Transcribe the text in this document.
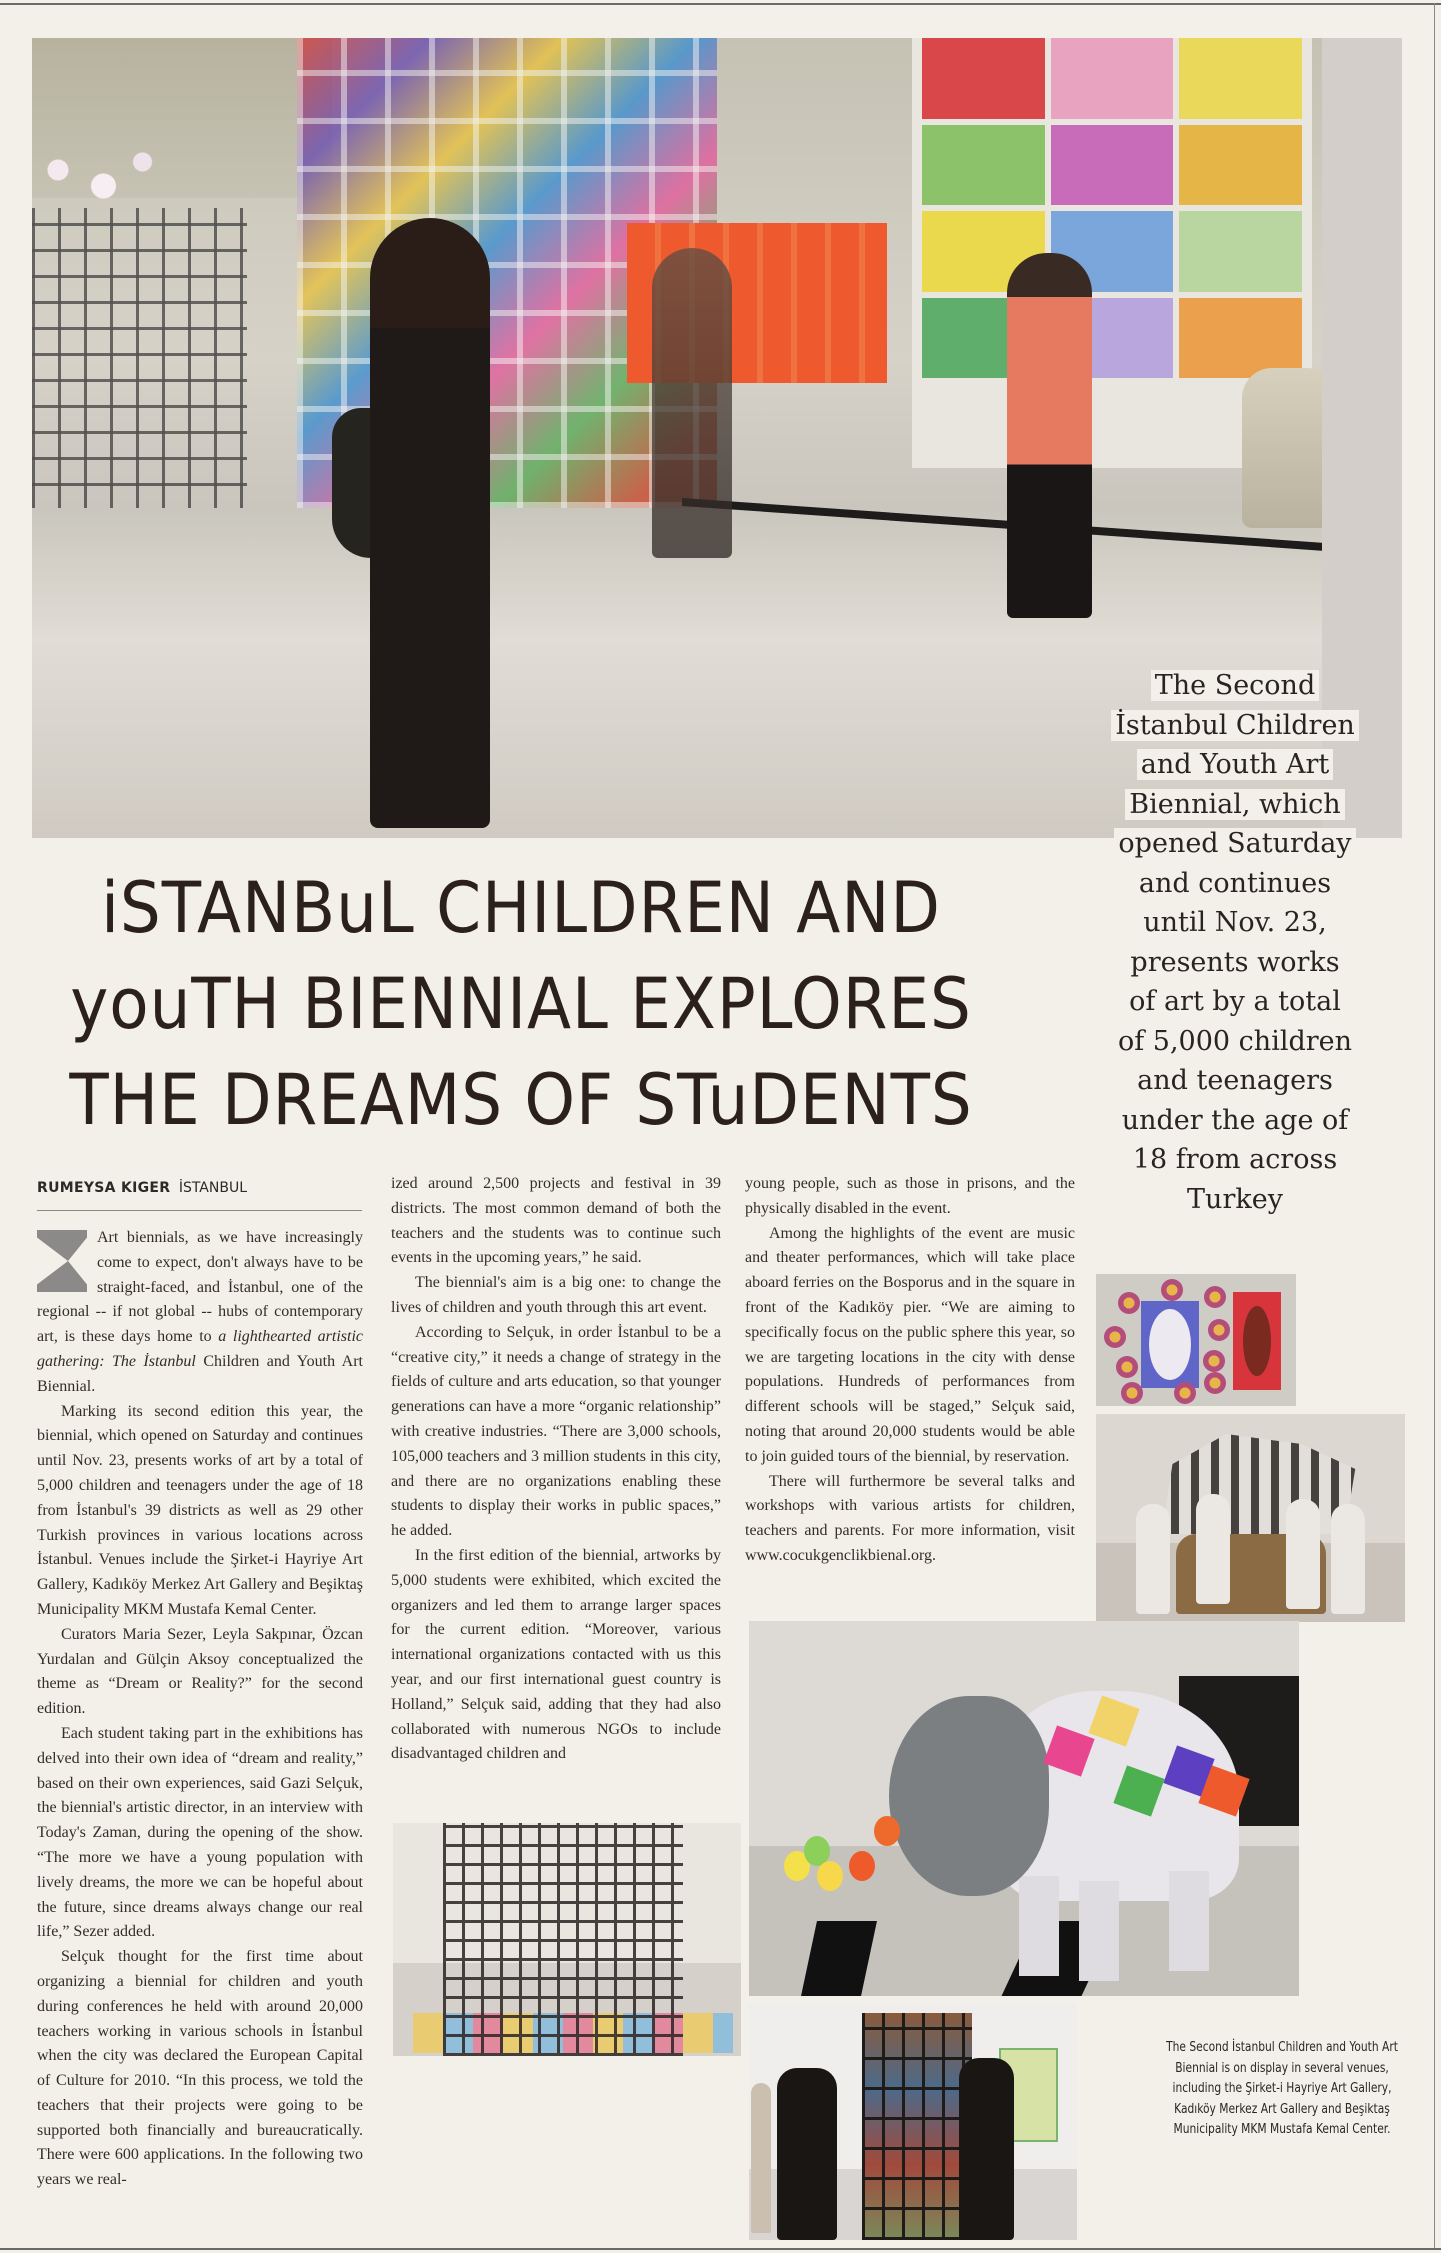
The Second
İstanbul Children
and Youth Art
Biennial, which
opened Saturday
and continues
until Nov. 23,
presents works
of art by a total
of 5,000 children
and teenagers
under the age of
18 from across
Turkey
iSTANBuL CHILDREN AND
youTH BIENNIAL EXPLORES
THE DREAMS OF STuDENTS
RUMEYSA KIGER İSTANBUL

Art biennials, as we have increasingly come to expect, don't always have to be straight-faced, and İstanbul, one of the regional -- if not global -- hubs of contemporary art, is these days home to a lighthearted artistic gathering: The İstanbul Children and Youth Art Biennial.

Marking its second edition this year, the biennial, which opened on Saturday and continues until Nov. 23, presents works of art by a total of 5,000 children and teenagers under the age of 18 from İstanbul's 39 districts as well as 29 other Turkish provinces in various locations across İstanbul. Venues include the Şirket-i Hayriye Art Gallery, Kadıköy Merkez Art Gallery and Beşiktaş Municipality MKM Mustafa Kemal Center.

Curators Maria Sezer, Leyla Sakpınar, Özcan Yurdalan and Gülçin Aksoy conceptualized the theme as “Dream or Reality?” for the second edition.

Each student taking part in the exhibitions has delved into their own idea of “dream and reality,” based on their own experiences, said Gazi Selçuk, the biennial's artistic director, in an interview with Today's Zaman, during the opening of the show. “The more we have a young population with lively dreams, the more we can be hopeful about the future, since dreams always change our real life,” Sezer added.

Selçuk thought for the first time about organizing a biennial for children and youth during conferences he held with around 20,000 teachers working in various schools in İstanbul when the city was declared the European Capital of Culture for 2010. “In this process, we told the teachers that their projects were going to be supported both financially and bureaucratically. There were 600 applications. In the following two years we real-

ized around 2,500 projects and festival in 39 districts. The most common demand of both the teachers and the students was to continue such events in the upcoming years,” he said.

The biennial's aim is a big one: to change the lives of children and youth through this art event.

According to Selçuk, in order İstanbul to be a “creative city,” it needs a change of strategy in the fields of culture and arts education, so that younger generations can have a more “organic relationship” with creative industries. “There are 3,000 schools, 105,000 teachers and 3 million students in this city, and there are no organizations enabling these students to display their works in public spaces,” he added.

In the first edition of the biennial, artworks by 5,000 students were exhibited, which excited the organizers and led them to arrange larger spaces for the current edition. “Moreover, various international organizations contacted with us this year, and our first international guest country is Holland,” Selçuk said, adding that they had also collaborated with numerous NGOs to include disadvantaged children and

young people, such as those in prisons, and the physically disabled in the event.

Among the highlights of the event are music and theater performances, which will take place aboard ferries on the Bosporus and in the square in front of the Kadıköy pier. “We are aiming to specifically focus on the public sphere this year, so we are targeting locations in the city with dense populations. Hundreds of performances from different schools will be staged,” Selçuk said, noting that around 20,000 students would be able to join guided tours of the biennial, by reservation.

There will furthermore be several talks and workshops with various artists for children, teachers and parents. For more information, visit www.cocukgenclikbienal.org.

The Second İstanbul Children and Youth Art Biennial is on display in several venues, including the Şirket-i Hayriye Art Gallery, Kadıköy Merkez Art Gallery and Beşiktaş Municipality MKM Mustafa Kemal Center.
